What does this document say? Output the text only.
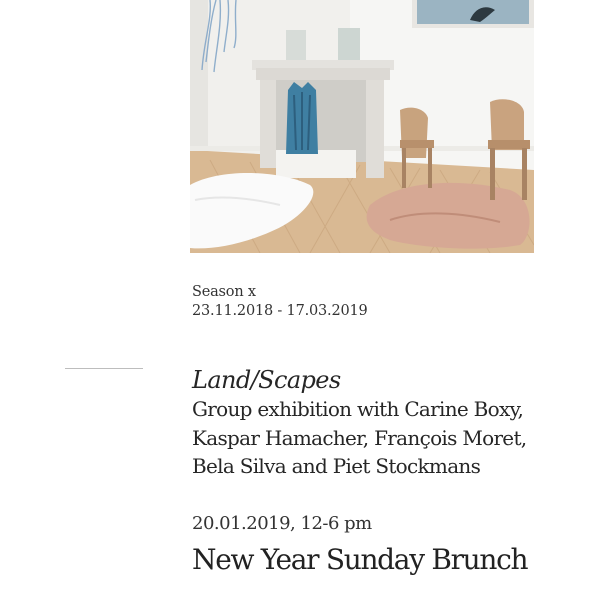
Season x
23.11.2018 - 17.03.2019
Land/Scapes
Group exhibition with Carine Boxy,
Kaspar Hamacher, François Moret,
Bela Silva and Piet Stockmans
20.01.2019, 12-6 pm
New Year Sunday Brunch
